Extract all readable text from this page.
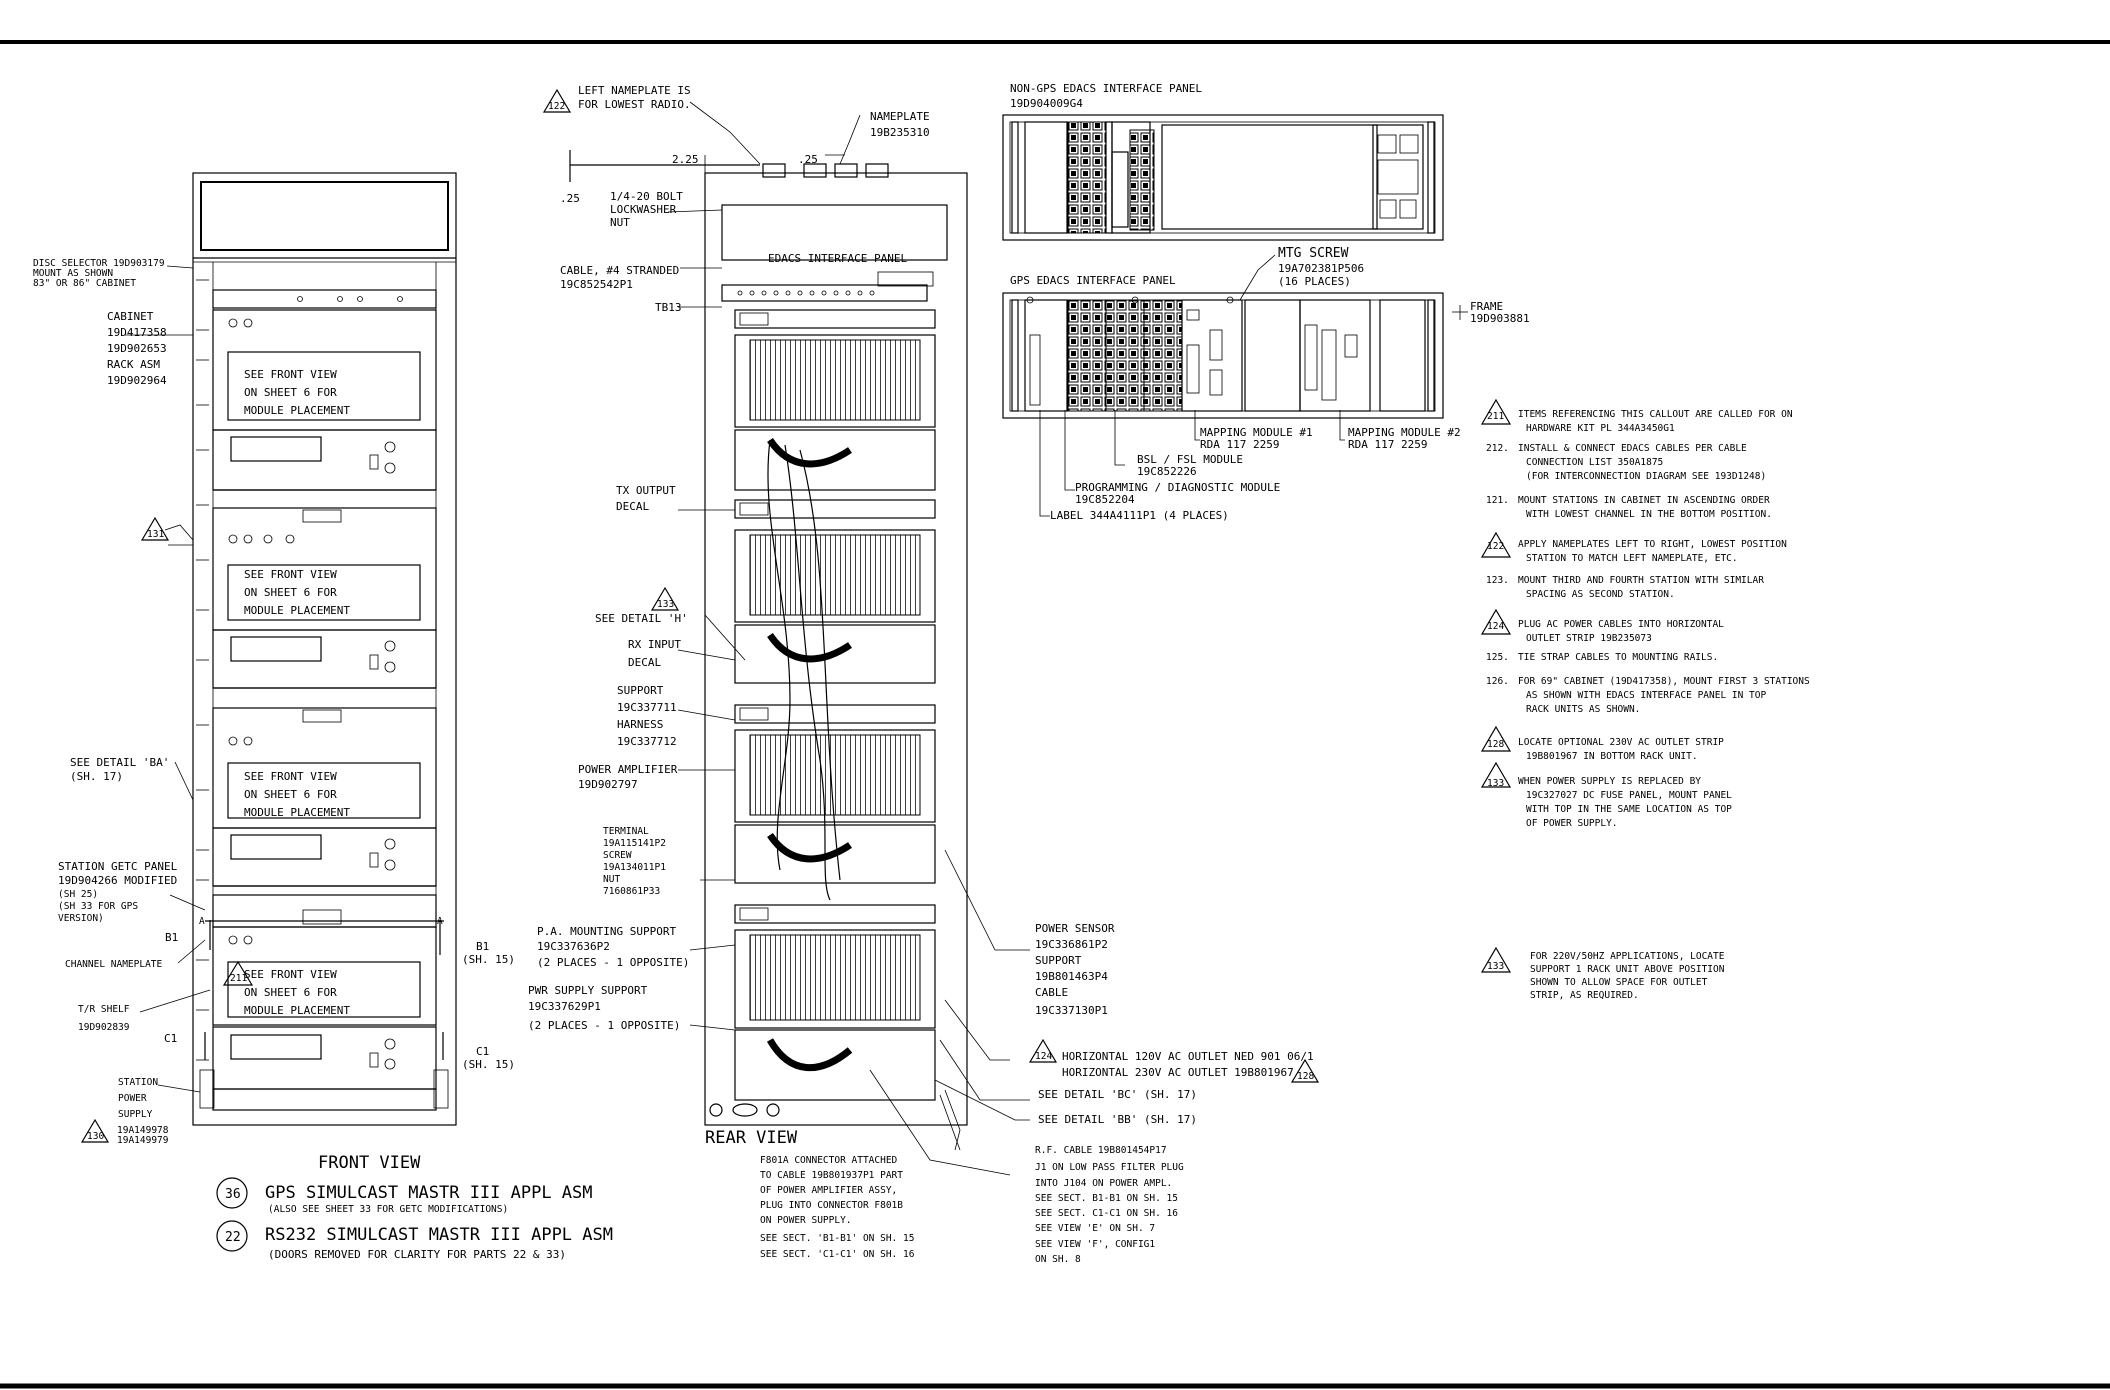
DISC SELECTOR 19D903179
MOUNT AS SHOWN
83" OR 86" CABINET
CABINET
19D417358
19D902653
RACK ASM
19D902964	SEE FRONT VIEW
ON SHEET 6 FOR
MODULE PLACEMENT
SEE FRONT VIEW
ON SHEET 6 FOR
MODULE PLACEMENT
SEE FRONT VIEW
ON SHEET 6 FOR
MODULE PLACEMENT
SEE FRONT VIEW
ON SHEET 6 FOR
MODULE PLACEMENT
131
SEE DETAIL 'BA'
(SH. 17)
STATION GETC PANEL
19D904266 MODIFIED
(SH 25)
(SH 33 FOR GPS
VERSION)
B1
211
CHANNEL NAMEPLATE
T/R SHELF
19D902839
C1
B1
(SH. 15)
C1
(SH. 15)
STATION
POWER
SUPPLY
19A149978
19A149979
130
A	A
FRONT VIEW
36 GPS SIMULCAST MASTR III APPL ASM
(ALSO SEE SHEET 33 FOR GETC MODIFICATIONS)
22 RS232 SIMULCAST MASTR III APPL ASM
(DOORS REMOVED FOR CLARITY FOR PARTS 22 & 33)
LEFT NAMEPLATE IS
FOR LOWEST RADIO.
122
NAMEPLATE
19B235310
2.25	.25
.25	1/4-20 BOLT
LOCKWASHER
NUT
CABLE, #4 STRANDED
19C852542P1
TB13
EDACS INTERFACE PANEL
TX OUTPUT
DECAL
133
SEE DETAIL 'H'
RX INPUT
DECAL
SUPPORT
19C337711
HARNESS
19C337712
POWER AMPLIFIER
19D902797
TERMINAL
19A115141P2
SCREW
19A134011P1
NUT
7160861P33
P.A. MOUNTING SUPPORT
19C337636P2
(2 PLACES - 1 OPPOSITE)
PWR SUPPLY SUPPORT
19C337629P1
(2 PLACES - 1 OPPOSITE)
REAR VIEW
F801A CONNECTOR ATTACHED
TO CABLE 19B801937P1 PART
OF POWER AMPLIFIER ASSY,
PLUG INTO CONNECTOR F801B
ON POWER SUPPLY.
SEE SECT. 'B1-B1' ON SH. 15
SEE SECT. 'C1-C1' ON SH. 16
POWER SENSOR
19C336861P2
SUPPORT
19B801463P4
CABLE
19C337130P1
124 HORIZONTAL 120V AC OUTLET NED 901 06/1
HORIZONTAL 230V AC OUTLET 19B801967 128
SEE DETAIL 'BC' (SH. 17)
SEE DETAIL 'BB' (SH. 17)
R.F. CABLE 19B801454P17
J1 ON LOW PASS FILTER PLUG
INTO J104 ON POWER AMPL.
SEE SECT. B1-B1 ON SH. 15
SEE SECT. C1-C1 ON SH. 16
SEE VIEW 'E' ON SH. 7
SEE VIEW 'F', CONFIG1
ON SH. 8
NON-GPS EDACS INTERFACE PANEL
19D904009G4
GPS EDACS INTERFACE PANEL
MTG SCREW
19A702381P506
(16 PLACES)
FRAME
19D903881
MAPPING MODULE #1
RDA 117 2259
MAPPING MODULE #2
RDA 117 2259
BSL / FSL MODULE
19C852226
PROGRAMMING / DIAGNOSTIC MODULE
19C852204
LABEL 344A4111P1 (4 PLACES)
211 ITEMS REFERENCING THIS CALLOUT ARE CALLED FOR ON
HARDWARE KIT PL 344A3450G1
212. INSTALL & CONNECT EDACS CABLES PER CABLE
CONNECTION LIST 350A1875
(FOR INTERCONNECTION DIAGRAM SEE 193D1248)
121. MOUNT STATIONS IN CABINET IN ASCENDING ORDER
WITH LOWEST CHANNEL IN THE BOTTOM POSITION.
122 APPLY NAMEPLATES LEFT TO RIGHT, LOWEST POSITION
STATION TO MATCH LEFT NAMEPLATE, ETC.
123. MOUNT THIRD AND FOURTH STATION WITH SIMILAR
SPACING AS SECOND STATION.
124 PLUG AC POWER CABLES INTO HORIZONTAL
OUTLET STRIP 19B235073
125. TIE STRAP CABLES TO MOUNTING RAILS.
126. FOR 69" CABINET (19D417358), MOUNT FIRST 3 STATIONS
AS SHOWN WITH EDACS INTERFACE PANEL IN TOP
RACK UNITS AS SHOWN.
128 LOCATE OPTIONAL 230V AC OUTLET STRIP
19B801967 IN BOTTOM RACK UNIT.
133 WHEN POWER SUPPLY IS REPLACED BY
19C327027 DC FUSE PANEL, MOUNT PANEL
WITH TOP IN THE SAME LOCATION AS TOP
OF POWER SUPPLY.
133
FOR 220V/50HZ APPLICATIONS, LOCATE
SUPPORT 1 RACK UNIT ABOVE POSITION
SHOWN TO ALLOW SPACE FOR OUTLET
STRIP, AS REQUIRED.
